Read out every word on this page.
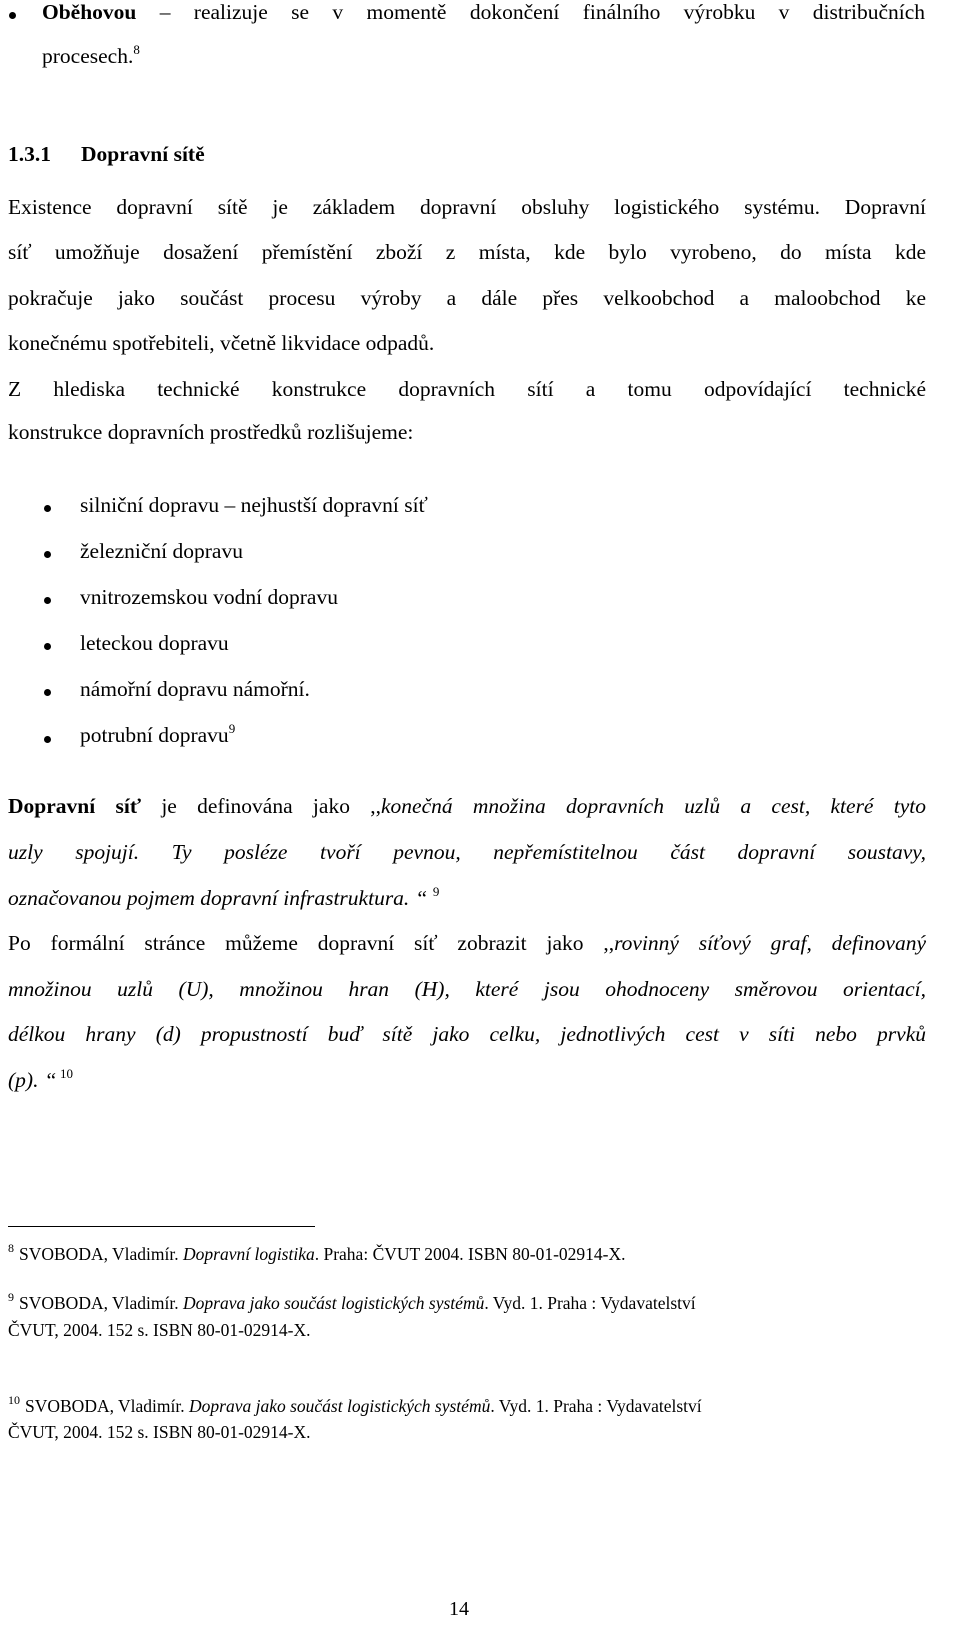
Oběhovou – realizuje se v momentě dokončení finálního výrobku v distribučních
procesech.$^8$
1.3.1 Dopravní sítě
Existence dopravní sítě je základem dopravní obsluhy logistického systému. Dopravní
síť umožňuje dosažení přemístění zboží z místa, kde bylo vyrobeno, do místa kde
pokračuje jako součást procesu výroby a dále přes velkoobchod a maloobchod ke
konečnému spotřebiteli, včetně likvidace odpadů.
Z hlediska technické konstrukce dopravních sítí a tomu odpovídající technické
konstrukce dopravních prostředků rozlišujeme:
silniční dopravu – nejhustší dopravní síť
železniční dopravu
vnitrozemskou vodní dopravu
leteckou dopravu
námořní dopravu námořní.
potrubní dopravu$^9$
Dopravní síť je definována jako ,,konečná množina dopravních uzlů a cest, které tyto
uzly spojují. Ty posléze tvoří pevnou, nepřemístitelnou část dopravní soustavy,
označovanou pojmem dopravní infrastruktura. “ $^9$
Po formální stránce můžeme dopravní síť zobrazit jako ,,rovinný síťový graf, definovaný
množinou uzlů (U), množinou hran (H), které jsou ohodnoceny směrovou orientací,
délkou hrany (d) propustností buď sítě jako celku, jednotlivých cest v síti nebo prvků
(p). “ $^{10}$
$^8$ SVOBODA, Vladimír. Dopravní logistika. Praha: ČVUT 2004. ISBN 80-01-02914-X.
$^9$ SVOBODA, Vladimír. Doprava jako součást logistických systémů. Vyd. 1. Praha : Vydavatelství
ČVUT, 2004. 152 s. ISBN 80-01-02914-X.
$^{10}$ SVOBODA, Vladimír. Doprava jako součást logistických systémů. Vyd. 1. Praha : Vydavatelství
ČVUT, 2004. 152 s. ISBN 80-01-02914-X.
14
